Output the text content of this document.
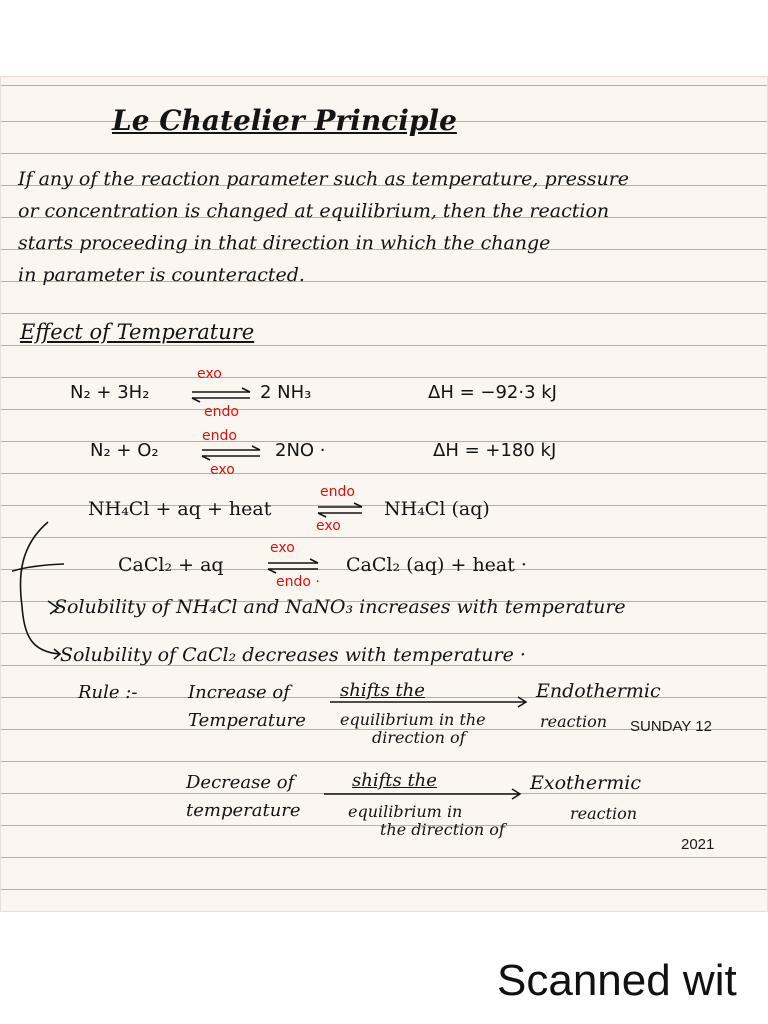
Le Chatelier Principle
If any of the reaction parameter such as temperature, pressure
or concentration is changed at equilibrium, then the reaction
starts proceeding in that direction in which the change
in parameter is counteracted.
Effect of Temperature
N₂ + 3H₂
exo
endo
2 NH₃	ΔH = −92·3 kJ
N₂ + O₂
endo
exo
2NO ·	ΔH = +180 kJ
NH₄Cl + aq + heat
endo
exo
NH₄Cl (aq)
CaCl₂ + aq
exo
endo ·
CaCl₂ (aq) + heat ·
Solubility of NH₄Cl and NaNO₃ increases with temperature
Solubility of CaCl₂ decreases with temperature ·
Rule :-	Increase of
Temperature
shifts the
equilibrium in the
direction of
Endothermic
reaction SUNDAY 12
Decrease of
temperature
shifts the
equilibrium in
the direction of
Exothermic
reaction
2021
Scanned wit
